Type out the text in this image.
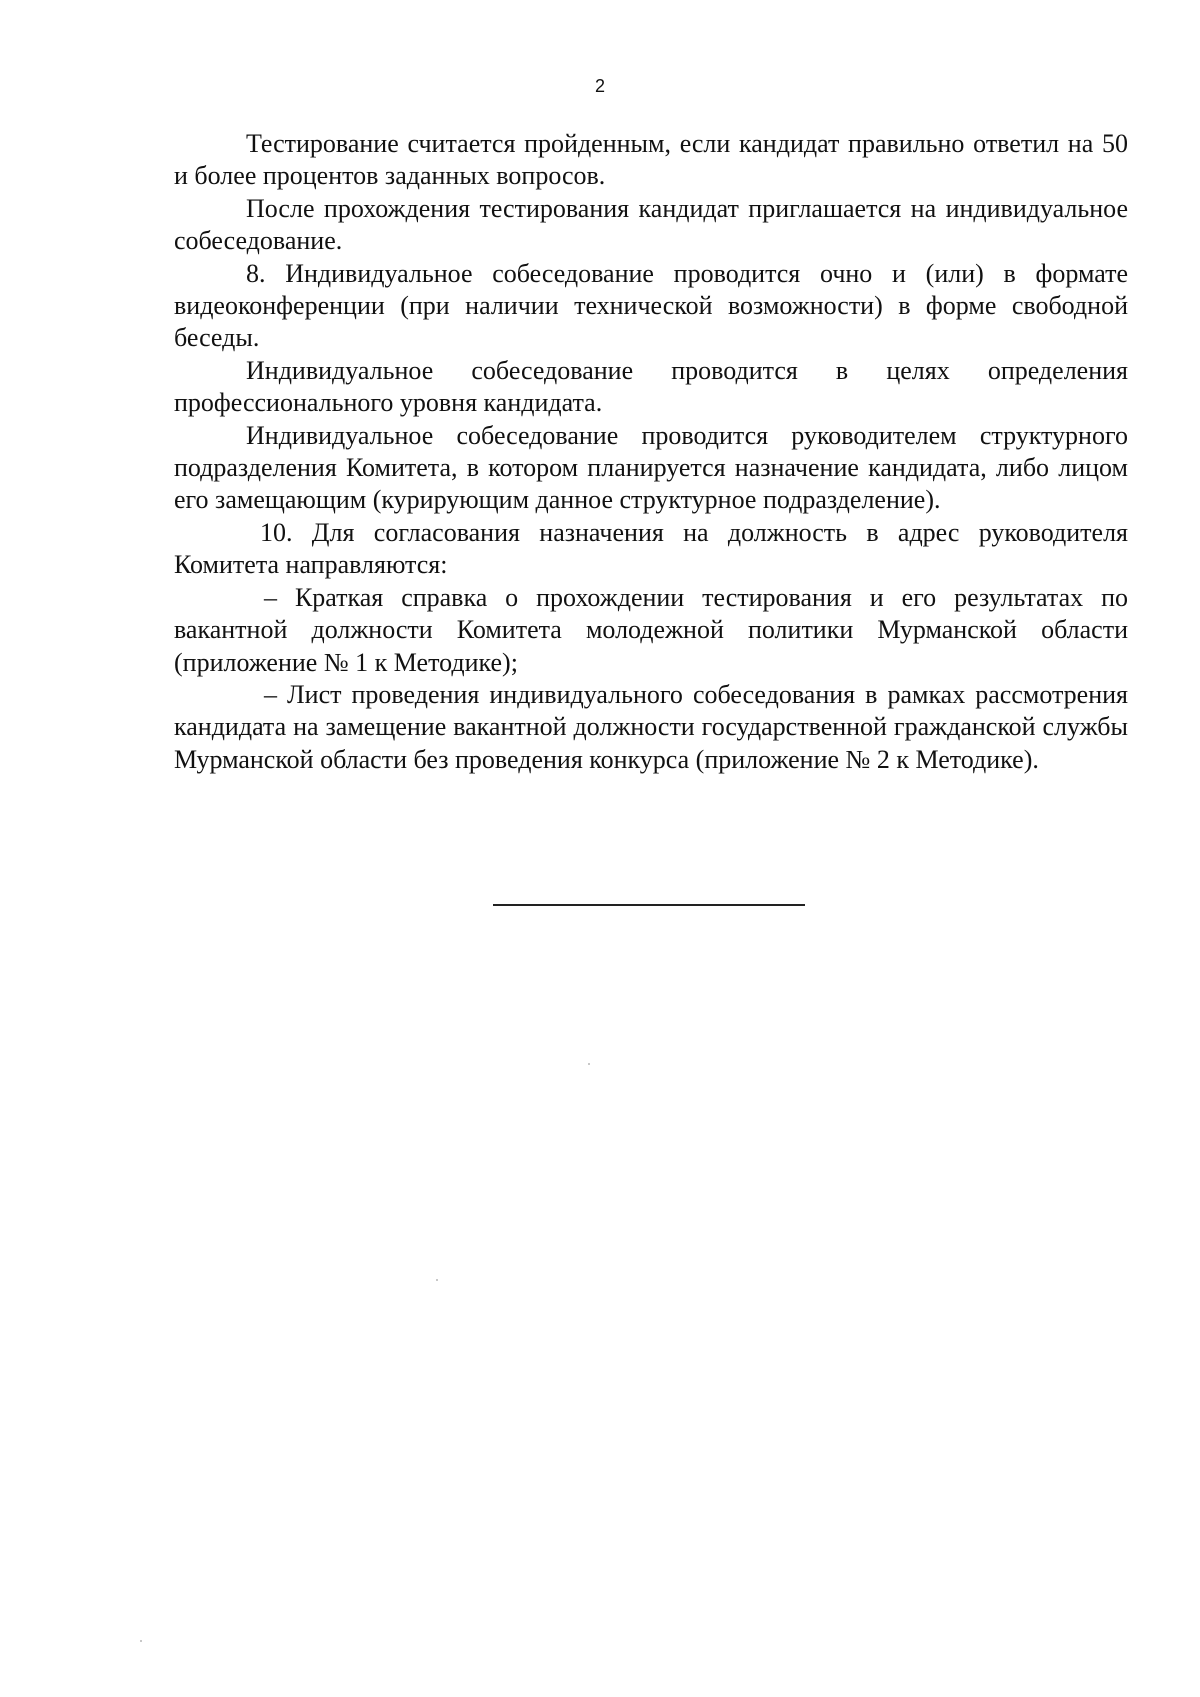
2

Тестирование считается пройденным, если кандидат правильно ответил на 50 и более процентов заданных вопросов.

После прохождения тестирования кандидат приглашается на индивидуальное собеседование.

8. Индивидуальное собеседование проводится очно и (или) в формате видеоконференции (при наличии технической возможности) в форме свободной беседы.

Индивидуальное собеседование проводится в целях определения профессионального уровня кандидата.

Индивидуальное собеседование проводится руководителем структурного подразделения Комитета, в котором планируется назначение кандидата, либо лицом его замещающим (курирующим данное структурное подразделение).

10. Для согласования назначения на должность в адрес руководителя Комитета направляются:

– Краткая справка о прохождении тестирования и его результатах по вакантной должности Комитета молодежной политики Мурманской области (приложение № 1 к Методике);

– Лист проведения индивидуального собеседования в рамках рассмотрения кандидата на замещение вакантной должности государственной гражданской службы Мурманской области без проведения конкурса (приложение № 2 к Методике).
